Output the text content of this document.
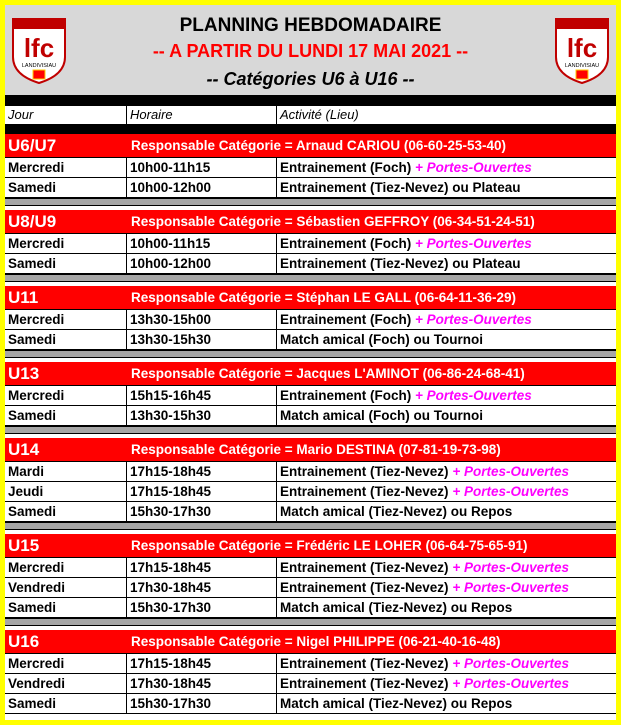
lfc
LANDIVISIAU
PLANNING HEBDOMADAIRE
-- A PARTIR DU LUNDI 17 MAI 2021 --
-- Catégories U6 à U16 --
lfc
LANDIVISIAU
Jour	Horaire	Activité (Lieu)
U6/U7	Responsable Catégorie = Arnaud CARIOU (06-60-25-53-40)
Mercredi	10h00-11h15	Entrainement (Foch) + Portes-Ouvertes
Samedi	10h00-12h00	Entrainement (Tiez-Nevez) ou Plateau
U8/U9	Responsable Catégorie = Sébastien GEFFROY (06-34-51-24-51)
Mercredi	10h00-11h15	Entrainement (Foch) + Portes-Ouvertes
Samedi	10h00-12h00	Entrainement (Tiez-Nevez) ou Plateau
U11	Responsable Catégorie = Stéphan LE GALL (06-64-11-36-29)
Mercredi	13h30-15h00	Entrainement (Foch) + Portes-Ouvertes
Samedi	13h30-15h30	Match amical (Foch) ou Tournoi
U13	Responsable Catégorie = Jacques L'AMINOT (06-86-24-68-41)
Mercredi	15h15-16h45	Entrainement (Foch) + Portes-Ouvertes
Samedi	13h30-15h30	Match amical (Foch) ou Tournoi
U14	Responsable Catégorie = Mario DESTINA (07-81-19-73-98)
Mardi	17h15-18h45	Entrainement (Tiez-Nevez) + Portes-Ouvertes
Jeudi	17h15-18h45	Entrainement (Tiez-Nevez) + Portes-Ouvertes
Samedi	15h30-17h30	Match amical (Tiez-Nevez) ou Repos
U15	Responsable Catégorie = Frédéric LE LOHER (06-64-75-65-91)
Mercredi	17h15-18h45	Entrainement (Tiez-Nevez) + Portes-Ouvertes
Vendredi	17h30-18h45	Entrainement (Tiez-Nevez) + Portes-Ouvertes
Samedi	15h30-17h30	Match amical (Tiez-Nevez) ou Repos
U16	Responsable Catégorie = Nigel PHILIPPE (06-21-40-16-48)
Mercredi	17h15-18h45	Entrainement (Tiez-Nevez) + Portes-Ouvertes
Vendredi	17h30-18h45	Entrainement (Tiez-Nevez) + Portes-Ouvertes
Samedi	15h30-17h30	Match amical (Tiez-Nevez) ou Repos
